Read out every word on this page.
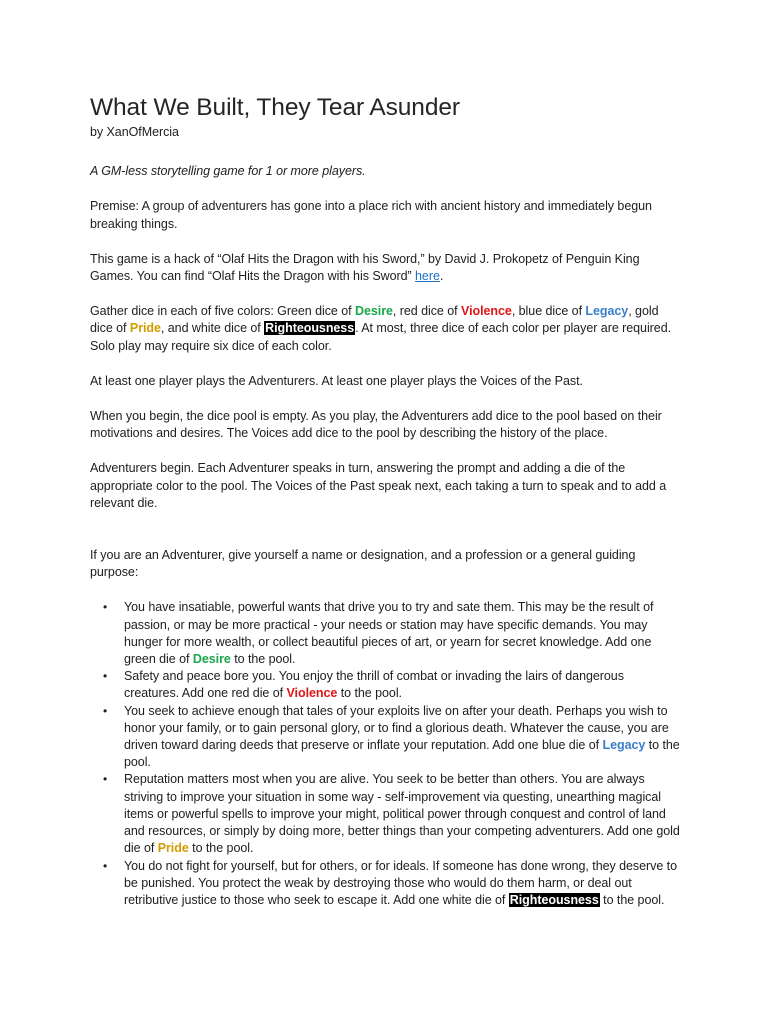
What We Built, They Tear Asunder

by XanOfMercia

A GM-less storytelling game for 1 or more players.

Premise: A group of adventurers has gone into a place rich with ancient history and immediately begun breaking things.

This game is a hack of “Olaf Hits the Dragon with his Sword,” by David J. Prokopetz of Penguin King Games. You can find “Olaf Hits the Dragon with his Sword” here.

Gather dice in each of five colors: Green dice of Desire, red dice of Violence, blue dice of Legacy, gold dice of Pride, and white dice of Righteousness. At most, three dice of each color per player are required. Solo play may require six dice of each color.

At least one player plays the Adventurers. At least one player plays the Voices of the Past.

When you begin, the dice pool is empty. As you play, the Adventurers add dice to the pool based on their motivations and desires. The Voices add dice to the pool by describing the history of the place.

Adventurers begin. Each Adventurer speaks in turn, answering the prompt and adding a die of the appropriate color to the pool. The Voices of the Past speak next, each taking a turn to speak and to add a relevant die.

If you are an Adventurer, give yourself a name or designation, and a profession or a general guiding purpose:

• You have insatiable, powerful wants that drive you to try and sate them. This may be the result of passion, or may be more practical - your needs or station may have specific demands. You may hunger for more wealth, or collect beautiful pieces of art, or yearn for secret knowledge. Add one green die of Desire to the pool.
• Safety and peace bore you. You enjoy the thrill of combat or invading the lairs of dangerous creatures. Add one red die of Violence to the pool.
• You seek to achieve enough that tales of your exploits live on after your death. Perhaps you wish to honor your family, or to gain personal glory, or to find a glorious death. Whatever the cause, you are driven toward daring deeds that preserve or inflate your reputation. Add one blue die of Legacy to the pool.
• Reputation matters most when you are alive. You seek to be better than others. You are always striving to improve your situation in some way - self-improvement via questing, unearthing magical items or powerful spells to improve your might, political power through conquest and control of land and resources, or simply by doing more, better things than your competing adventurers. Add one gold die of Pride to the pool.
• You do not fight for yourself, but for others, or for ideals. If someone has done wrong, they deserve to be punished. You protect the weak by destroying those who would do them harm, or deal out retributive justice to those who seek to escape it. Add one white die of Righteousness to the pool.
